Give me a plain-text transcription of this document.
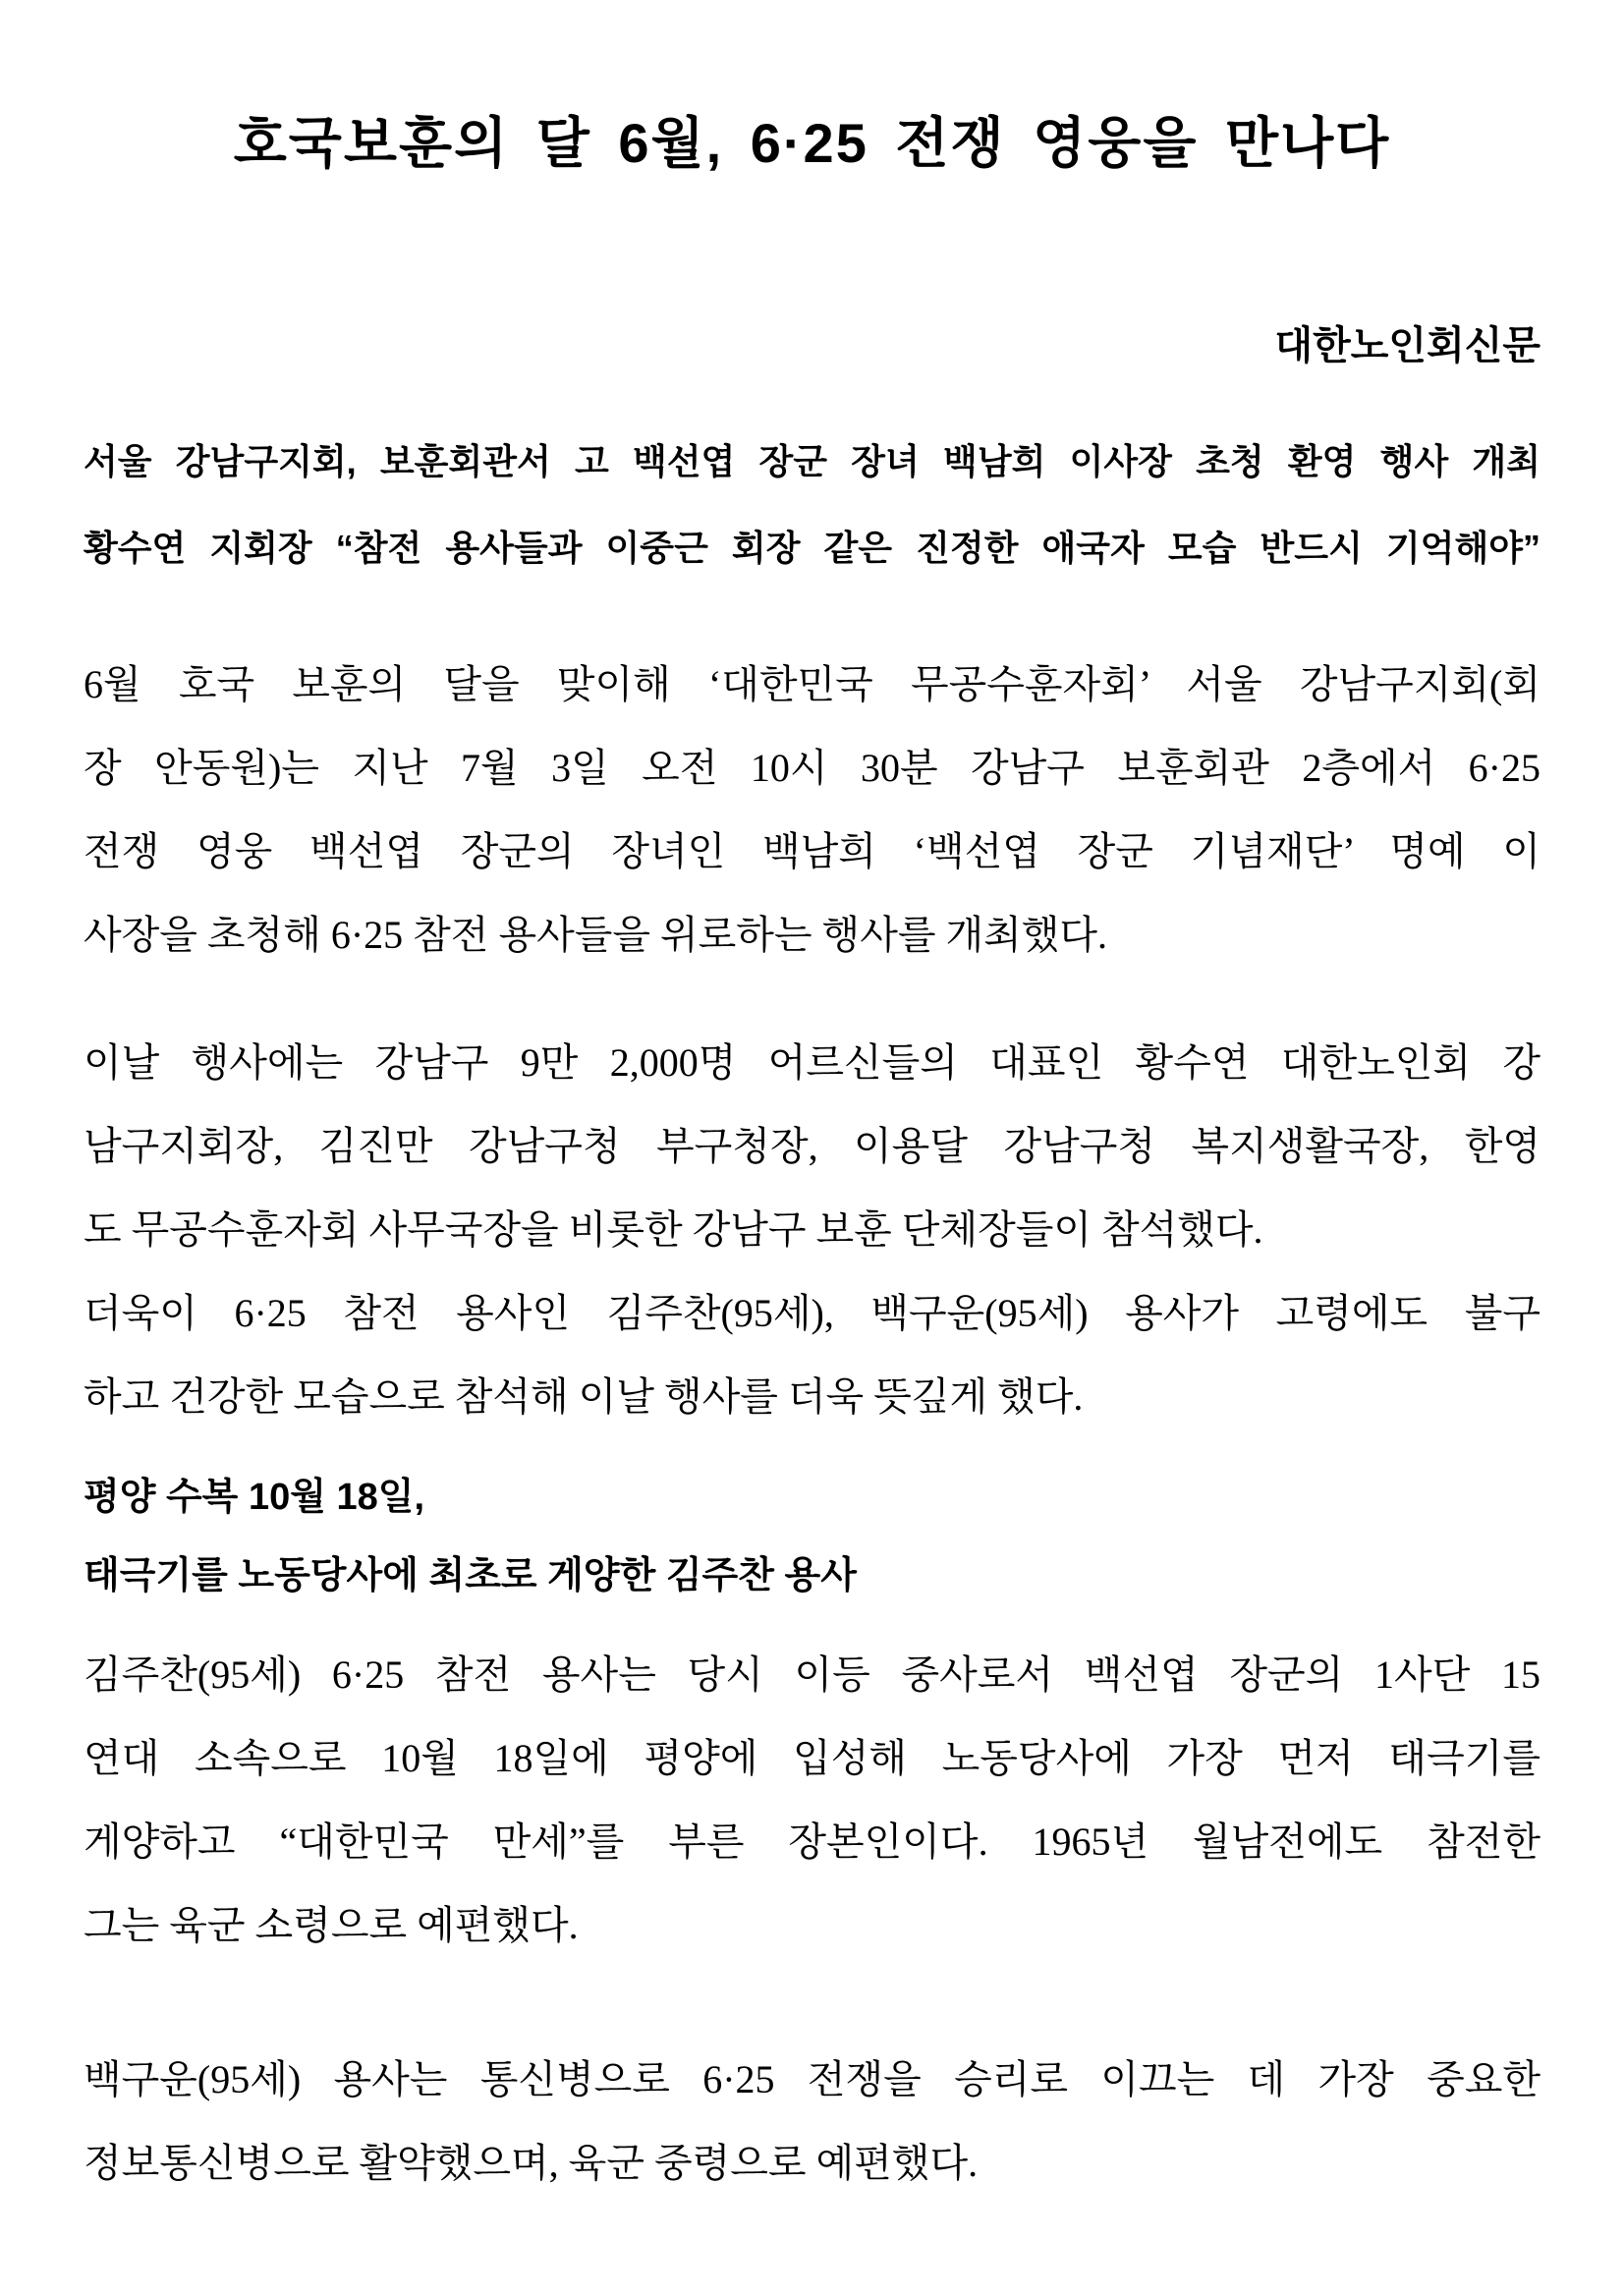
호국보훈의 달 6월, 6·25 전쟁 영웅을 만나다
대한노인회신문
서울 강남구지회, 보훈회관서 고 백선엽 장군 장녀 백남희 이사장 초청 환영 행사 개최
황수연 지회장 “참전 용사들과 이중근 회장 같은 진정한 애국자 모습 반드시 기억해야”
6월 호국 보훈의 달을 맞이해 ‘대한민국 무공수훈자회’ 서울 강남구지회(회
장 안동원)는 지난 7월 3일 오전 10시 30분 강남구 보훈회관 2층에서 6·25
전쟁 영웅 백선엽 장군의 장녀인 백남희 ‘백선엽 장군 기념재단’ 명예 이
사장을 초청해 6·25 참전 용사들을 위로하는 행사를 개최했다.
이날 행사에는 강남구 9만 2,000명 어르신들의 대표인 황수연 대한노인회 강
남구지회장, 김진만 강남구청 부구청장, 이용달 강남구청 복지생활국장, 한영
도 무공수훈자회 사무국장을 비롯한 강남구 보훈 단체장들이 참석했다.
더욱이 6·25 참전 용사인 김주찬(95세), 백구운(95세) 용사가 고령에도 불구
하고 건강한 모습으로 참석해 이날 행사를 더욱 뜻깊게 했다.
평양 수복 10월 18일,
태극기를 노동당사에 최초로 게양한 김주찬 용사
김주찬(95세) 6·25 참전 용사는 당시 이등 중사로서 백선엽 장군의 1사단 15
연대 소속으로 10월 18일에 평양에 입성해 노동당사에 가장 먼저 태극기를
게양하고 “대한민국 만세”를 부른 장본인이다. 1965년 월남전에도 참전한
그는 육군 소령으로 예편했다.
백구운(95세) 용사는 통신병으로 6·25 전쟁을 승리로 이끄는 데 가장 중요한
정보통신병으로 활약했으며, 육군 중령으로 예편했다.
